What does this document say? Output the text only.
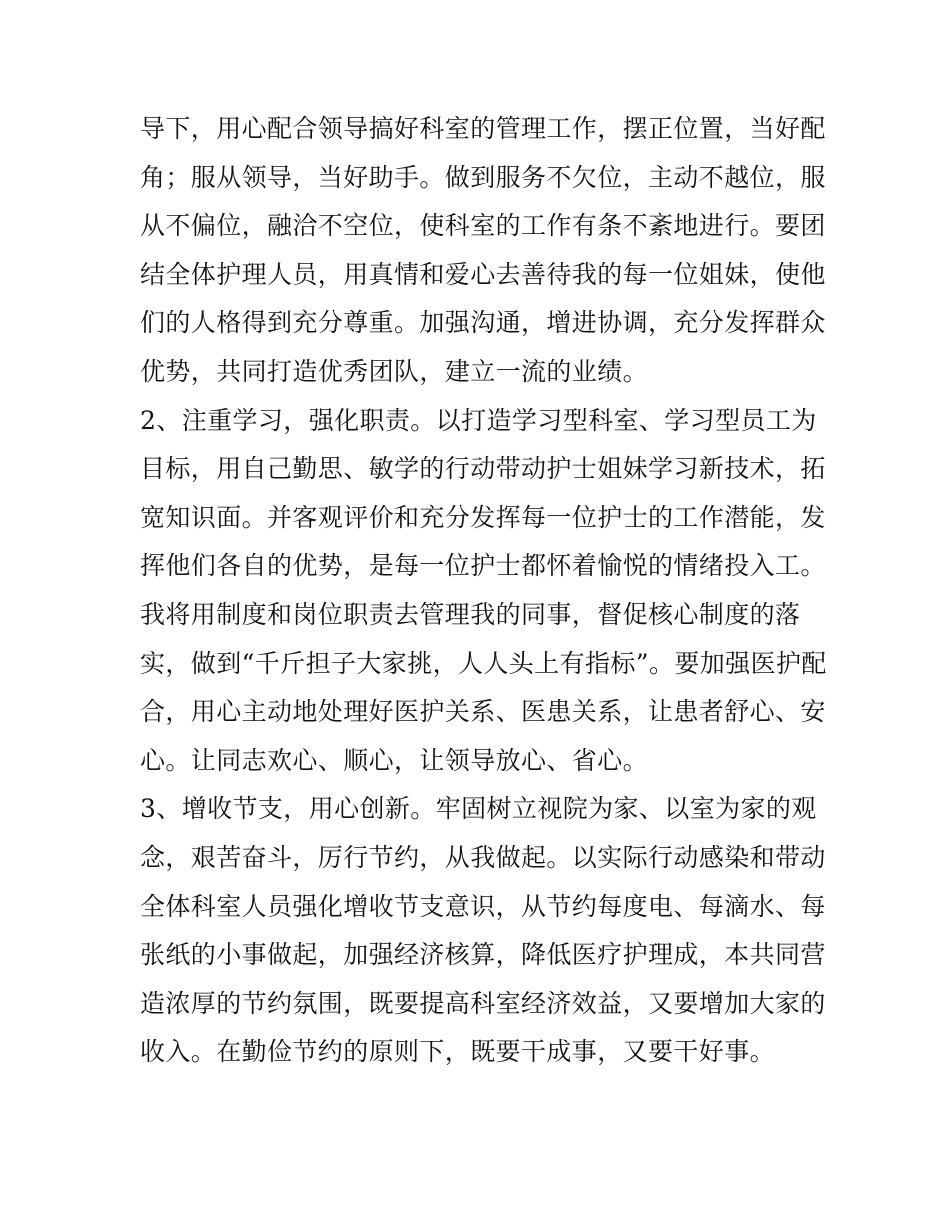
导下，用心配合领导搞好科室的管理工作，摆正位置，当好配
角；服从领导，当好助手。做到服务不欠位，主动不越位，服
从不偏位，融洽不空位，使科室的工作有条不紊地进行。要团
结全体护理人员，用真情和爱心去善待我的每一位姐妹，使他
们的人格得到充分尊重。加强沟通，增进协调，充分发挥群众
优势，共同打造优秀团队，建立一流的业绩。
2、注重学习，强化职责。以打造学习型科室、学习型员工为
目标，用自己勤思、敏学的行动带动护士姐妹学习新技术，拓
宽知识面。并客观评价和充分发挥每一位护士的工作潜能，发
挥他们各自的优势，是每一位护士都怀着愉悦的情绪投入工。
我将用制度和岗位职责去管理我的同事，督促核心制度的落
实，做到“千斤担子大家挑，人人头上有指标”。要加强医护配
合，用心主动地处理好医护关系、医患关系，让患者舒心、安
心。让同志欢心、顺心，让领导放心、省心。
3、增收节支，用心创新。牢固树立视院为家、以室为家的观
念，艰苦奋斗，厉行节约，从我做起。以实际行动感染和带动
全体科室人员强化增收节支意识，从节约每度电、每滴水、每
张纸的小事做起，加强经济核算，降低医疗护理成，本共同营
造浓厚的节约氛围，既要提高科室经济效益，又要增加大家的
收入。在勤俭节约的原则下，既要干成事，又要干好事。
